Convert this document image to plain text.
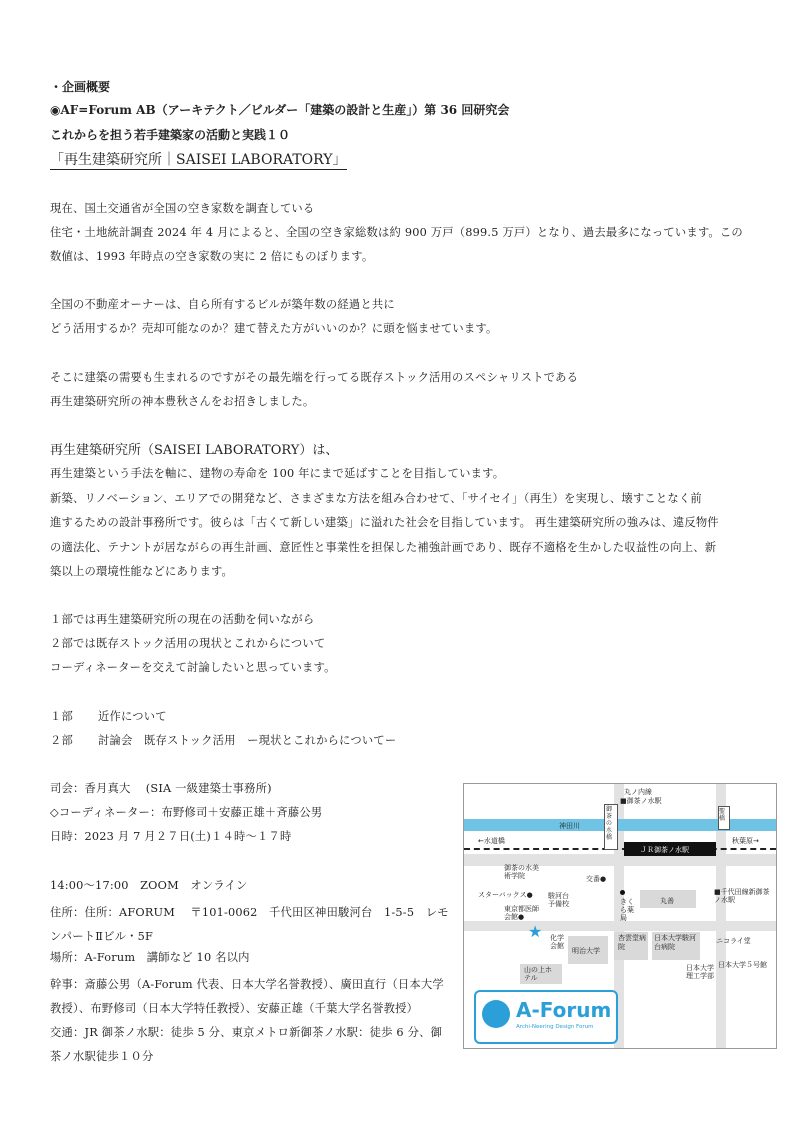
・企画概要
◉AF=Forum AB（アーキテクト／ビルダー「建築の設計と生産」）第 36 回研究会
これからを担う若手建築家の活動と実践１０
「再生建築研究所｜SAISEI LABORATORY」
現在、国土交通省が全国の空き家数を調査している
住宅・土地統計調査 2024 年 4 月によると、全国の空き家総数は約 900 万戸（899.5 万戸）となり、過去最多になっています。この
数値は、1993 年時点の空き家数の実に 2 倍にものぼります。
全国の不動産オーナーは、自ら所有するビルが築年数の経過と共に
どう活用するか？売却可能なのか？建て替えた方がいいのか？に頭を悩ませています。
そこに建築の需要も生まれるのですがその最先端を行ってる既存ストック活用のスペシャリストである
再生建築研究所の神本豊秋さんをお招きしました。
再生建築研究所（SAISEI LABORATORY）は、
再生建築という手法を軸に、建物の寿命を 100 年にまで延ばすことを目指しています。
新築、リノベーション、エリアでの開発など、さまざまな方法を組み合わせて、「サイセイ」（再生）を実現し、壊すことなく前
進するための設計事務所です。彼らは「古くて新しい建築」に溢れた社会を目指しています。 再生建築研究所の強みは、違反物件
の適法化、テナントが居ながらの再生計画、意匠性と事業性を担保した補強計画であり、既存不適格を生かした収益性の向上、新
築以上の環境性能などにあります。
１部では再生建築研究所の現在の活動を伺いながら
２部では既存ストック活用の現状とこれからについて
コーディネーターを交えて討論したいと思っています。
１部 近作について
２部 討論会　既存ストック活用　ー現状とこれからについてー
司会：香月真大　 (SIA 一級建築士事務所)
◇コーディネーター：布野修司＋安藤正雄＋斉藤公男
日時：2023 月 7 月２７日(土)１４時～１７時
14:00～17:00　ZOOM　オンライン
住所：住所：AFORUM　 〒101-0062　千代田区神田駿河台　1-5-5　レモンパートⅡビル・5F
場所：A-Forum　講師など 10 名以内
幹事：斎藤公男（A-Forum 代表、日本大学名誉教授）、廣田直行（日本大学教授）、布野修司（日本大学特任教授）、安藤正雄（千葉大学名誉教授）
交通：JR 御茶ノ水駅：徒歩 5 分、東京メトロ新御茶ノ水駅：徒歩 6 分、御茶ノ水駅徒歩１０分
神田川
←水道橋	秋葉原→
ＪＲ御茶ノ水駅
御茶の水橋
聖橋
丸ノ内線
■御茶ノ水駅
御茶の水美術学院	交番●
スターバックス● 駿河台予備校
東京都医師会館●
きくら薬局
丸善
■千代田線新御茶ノ水駅
明治大学
化学会館
杏雲堂病院
日本大学駿河台病院
ニコライ堂
山の上ホテル
日本大学理工学部
日本大学５号館
★
A-Forum
Archi-Neering Design Forum
